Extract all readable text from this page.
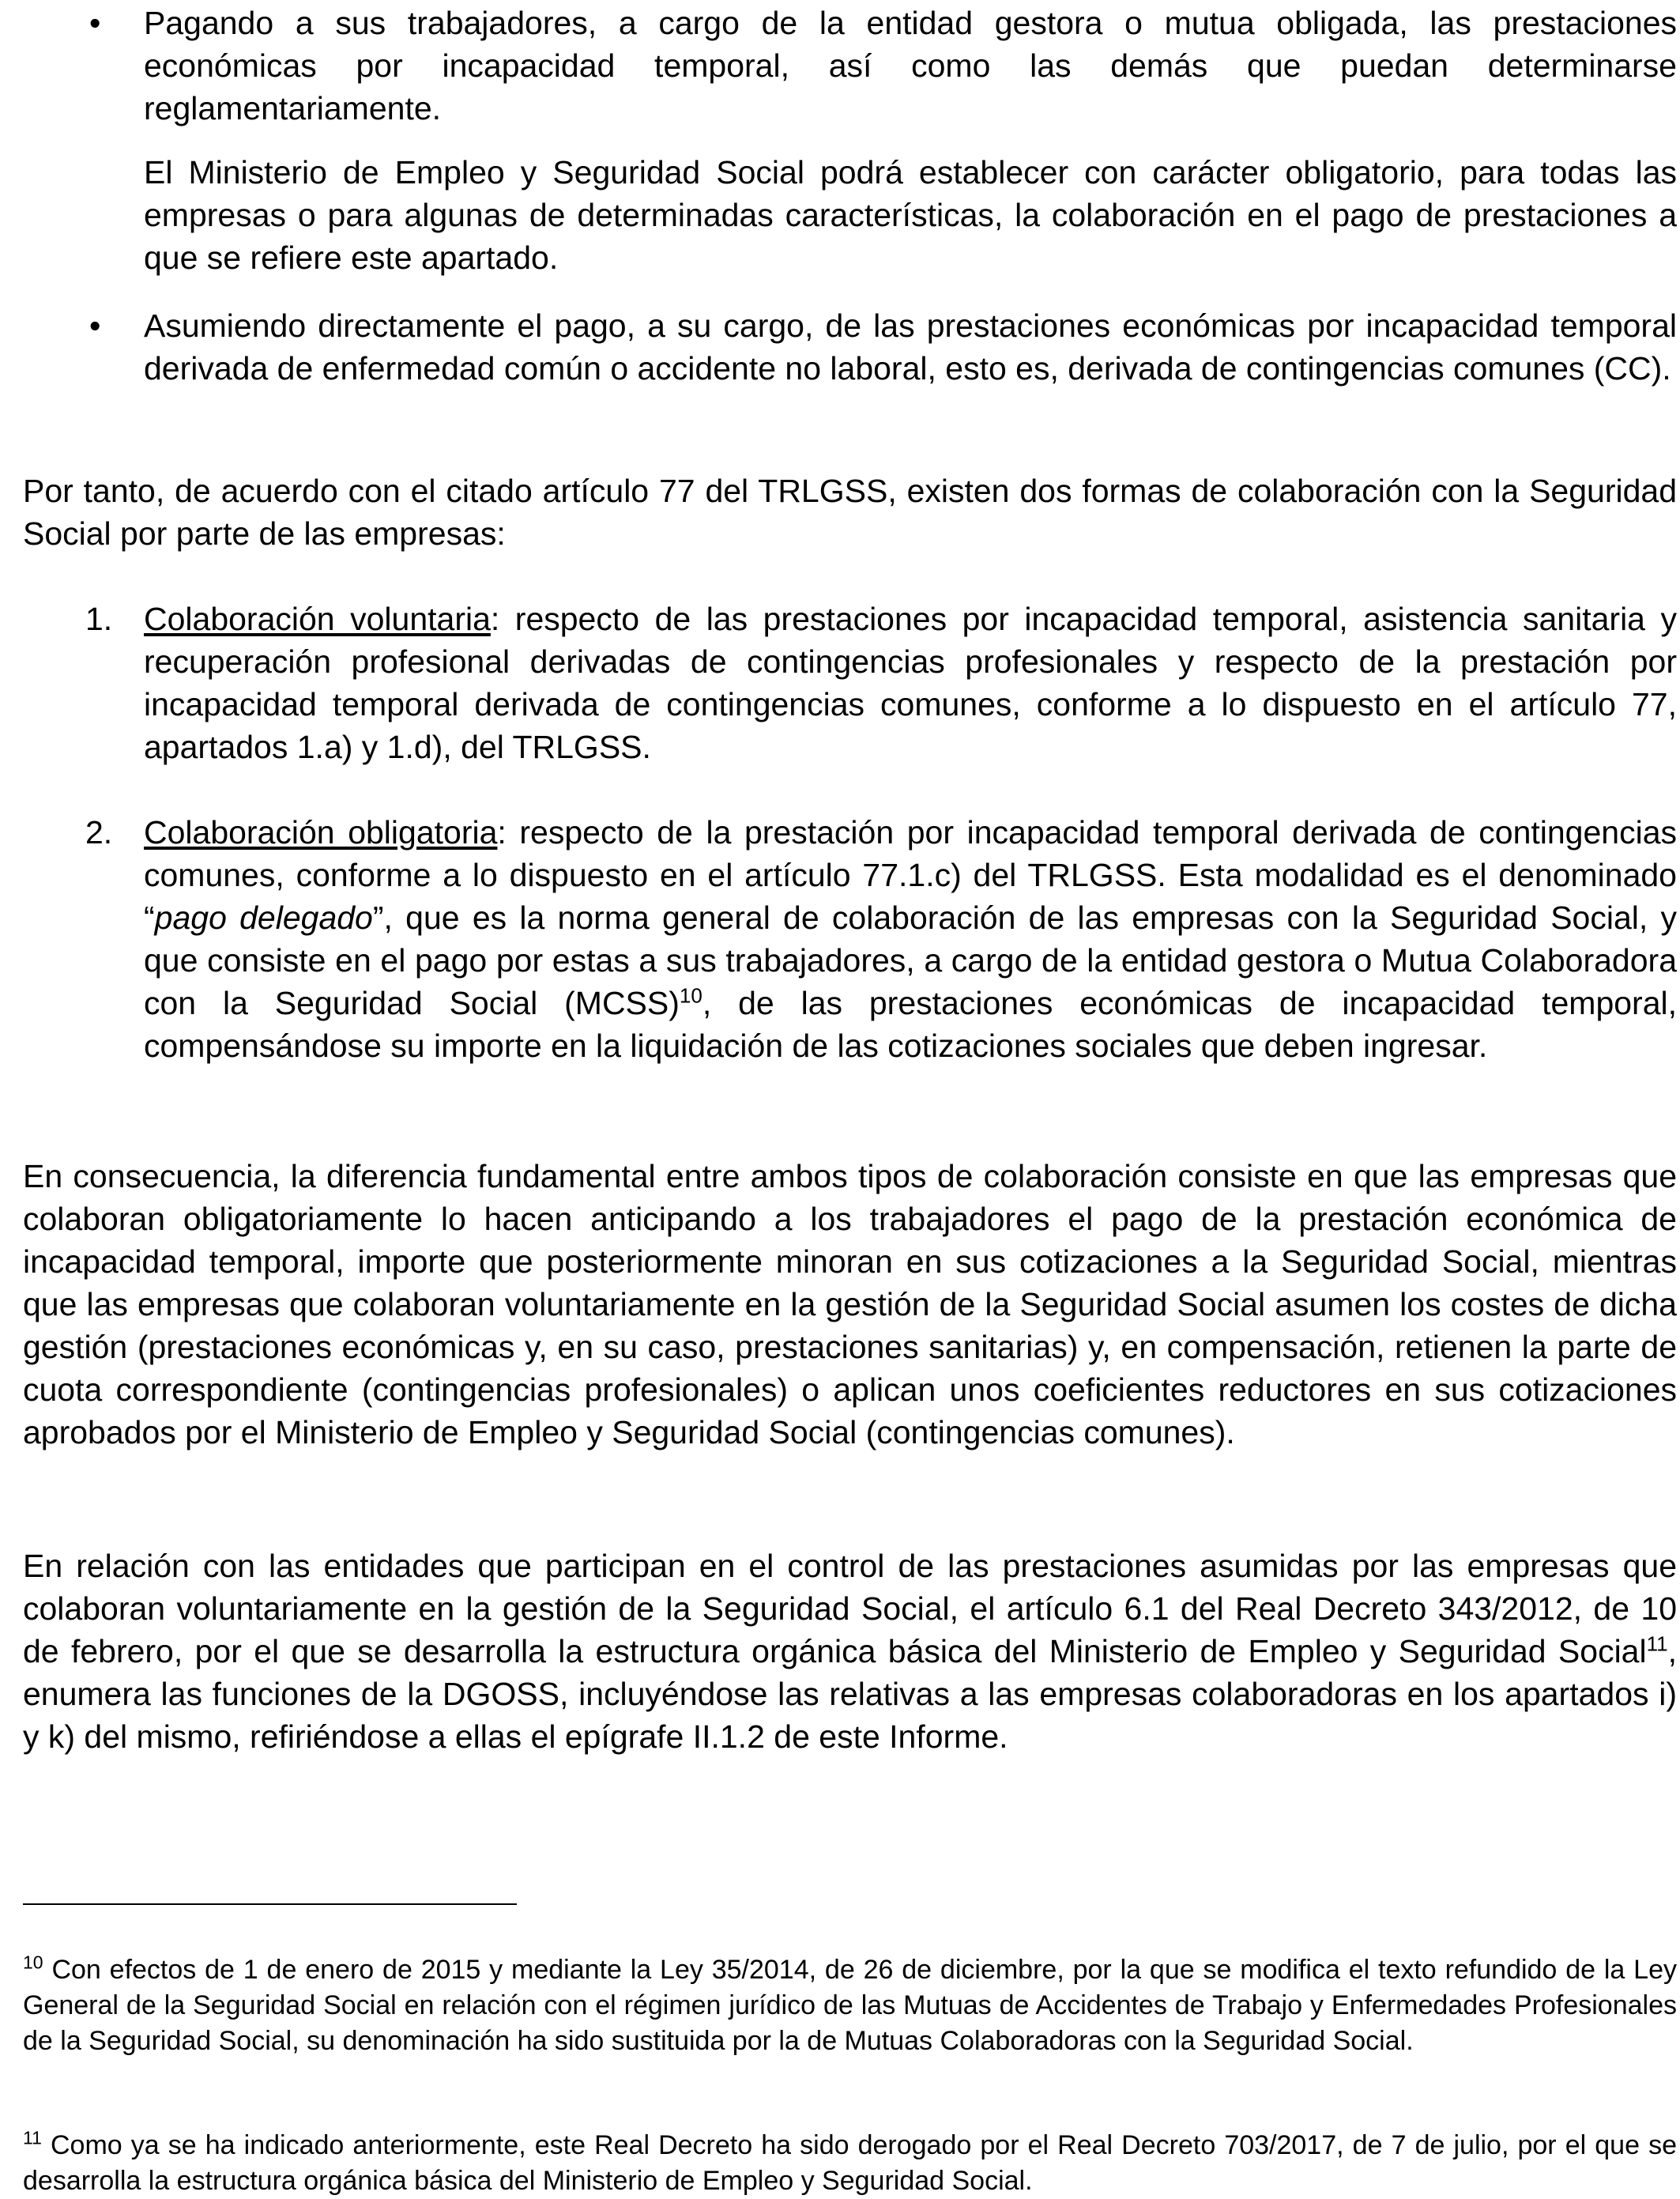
• Pagando a sus trabajadores, a cargo de la entidad gestora o mutua obligada, las prestaciones económicas por incapacidad temporal, así como las demás que puedan determinarse reglamentariamente.

El Ministerio de Empleo y Seguridad Social podrá establecer con carácter obligatorio, para todas las empresas o para algunas de determinadas características, la colaboración en el pago de prestaciones a que se refiere este apartado.

• Asumiendo directamente el pago, a su cargo, de las prestaciones económicas por incapacidad temporal derivada de enfermedad común o accidente no laboral, esto es, derivada de contingencias comunes (CC).

Por tanto, de acuerdo con el citado artículo 77 del TRLGSS, existen dos formas de colaboración con la Seguridad Social por parte de las empresas:

1. Colaboración voluntaria: respecto de las prestaciones por incapacidad temporal, asistencia sanitaria y recuperación profesional derivadas de contingencias profesionales y respecto de la prestación por incapacidad temporal derivada de contingencias comunes, conforme a lo dispuesto en el artículo 77, apartados 1.a) y 1.d), del TRLGSS.

2. Colaboración obligatoria: respecto de la prestación por incapacidad temporal derivada de contingencias comunes, conforme a lo dispuesto en el artículo 77.1.c) del TRLGSS. Esta modalidad es el denominado “pago delegado”, que es la norma general de colaboración de las empresas con la Seguridad Social, y que consiste en el pago por estas a sus trabajadores, a cargo de la entidad gestora o Mutua Colaboradora con la Seguridad Social (MCSS)$^{10}$, de las prestaciones económicas de incapacidad temporal, compensándose su importe en la liquidación de las cotizaciones sociales que deben ingresar.

En consecuencia, la diferencia fundamental entre ambos tipos de colaboración consiste en que las empresas que colaboran obligatoriamente lo hacen anticipando a los trabajadores el pago de la prestación económica de incapacidad temporal, importe que posteriormente minoran en sus cotizaciones a la Seguridad Social, mientras que las empresas que colaboran voluntariamente en la gestión de la Seguridad Social asumen los costes de dicha gestión (prestaciones económicas y, en su caso, prestaciones sanitarias) y, en compensación, retienen la parte de cuota correspondiente (contingencias profesionales) o aplican unos coeficientes reductores en sus cotizaciones aprobados por el Ministerio de Empleo y Seguridad Social (contingencias comunes).

En relación con las entidades que participan en el control de las prestaciones asumidas por las empresas que colaboran voluntariamente en la gestión de la Seguridad Social, el artículo 6.1 del Real Decreto 343/2012, de 10 de febrero, por el que se desarrolla la estructura orgánica básica del Ministerio de Empleo y Seguridad Social$^{11}$, enumera las funciones de la DGOSS, incluyéndose las relativas a las empresas colaboradoras en los apartados i) y k) del mismo, refiriéndose a ellas el epígrafe II.1.2 de este Informe.

$^{10}$ Con efectos de 1 de enero de 2015 y mediante la Ley 35/2014, de 26 de diciembre, por la que se modifica el texto refundido de la Ley General de la Seguridad Social en relación con el régimen jurídico de las Mutuas de Accidentes de Trabajo y Enfermedades Profesionales de la Seguridad Social, su denominación ha sido sustituida por la de Mutuas Colaboradoras con la Seguridad Social.

$^{11}$ Como ya se ha indicado anteriormente, este Real Decreto ha sido derogado por el Real Decreto 703/2017, de 7 de julio, por el que se desarrolla la estructura orgánica básica del Ministerio de Empleo y Seguridad Social.
